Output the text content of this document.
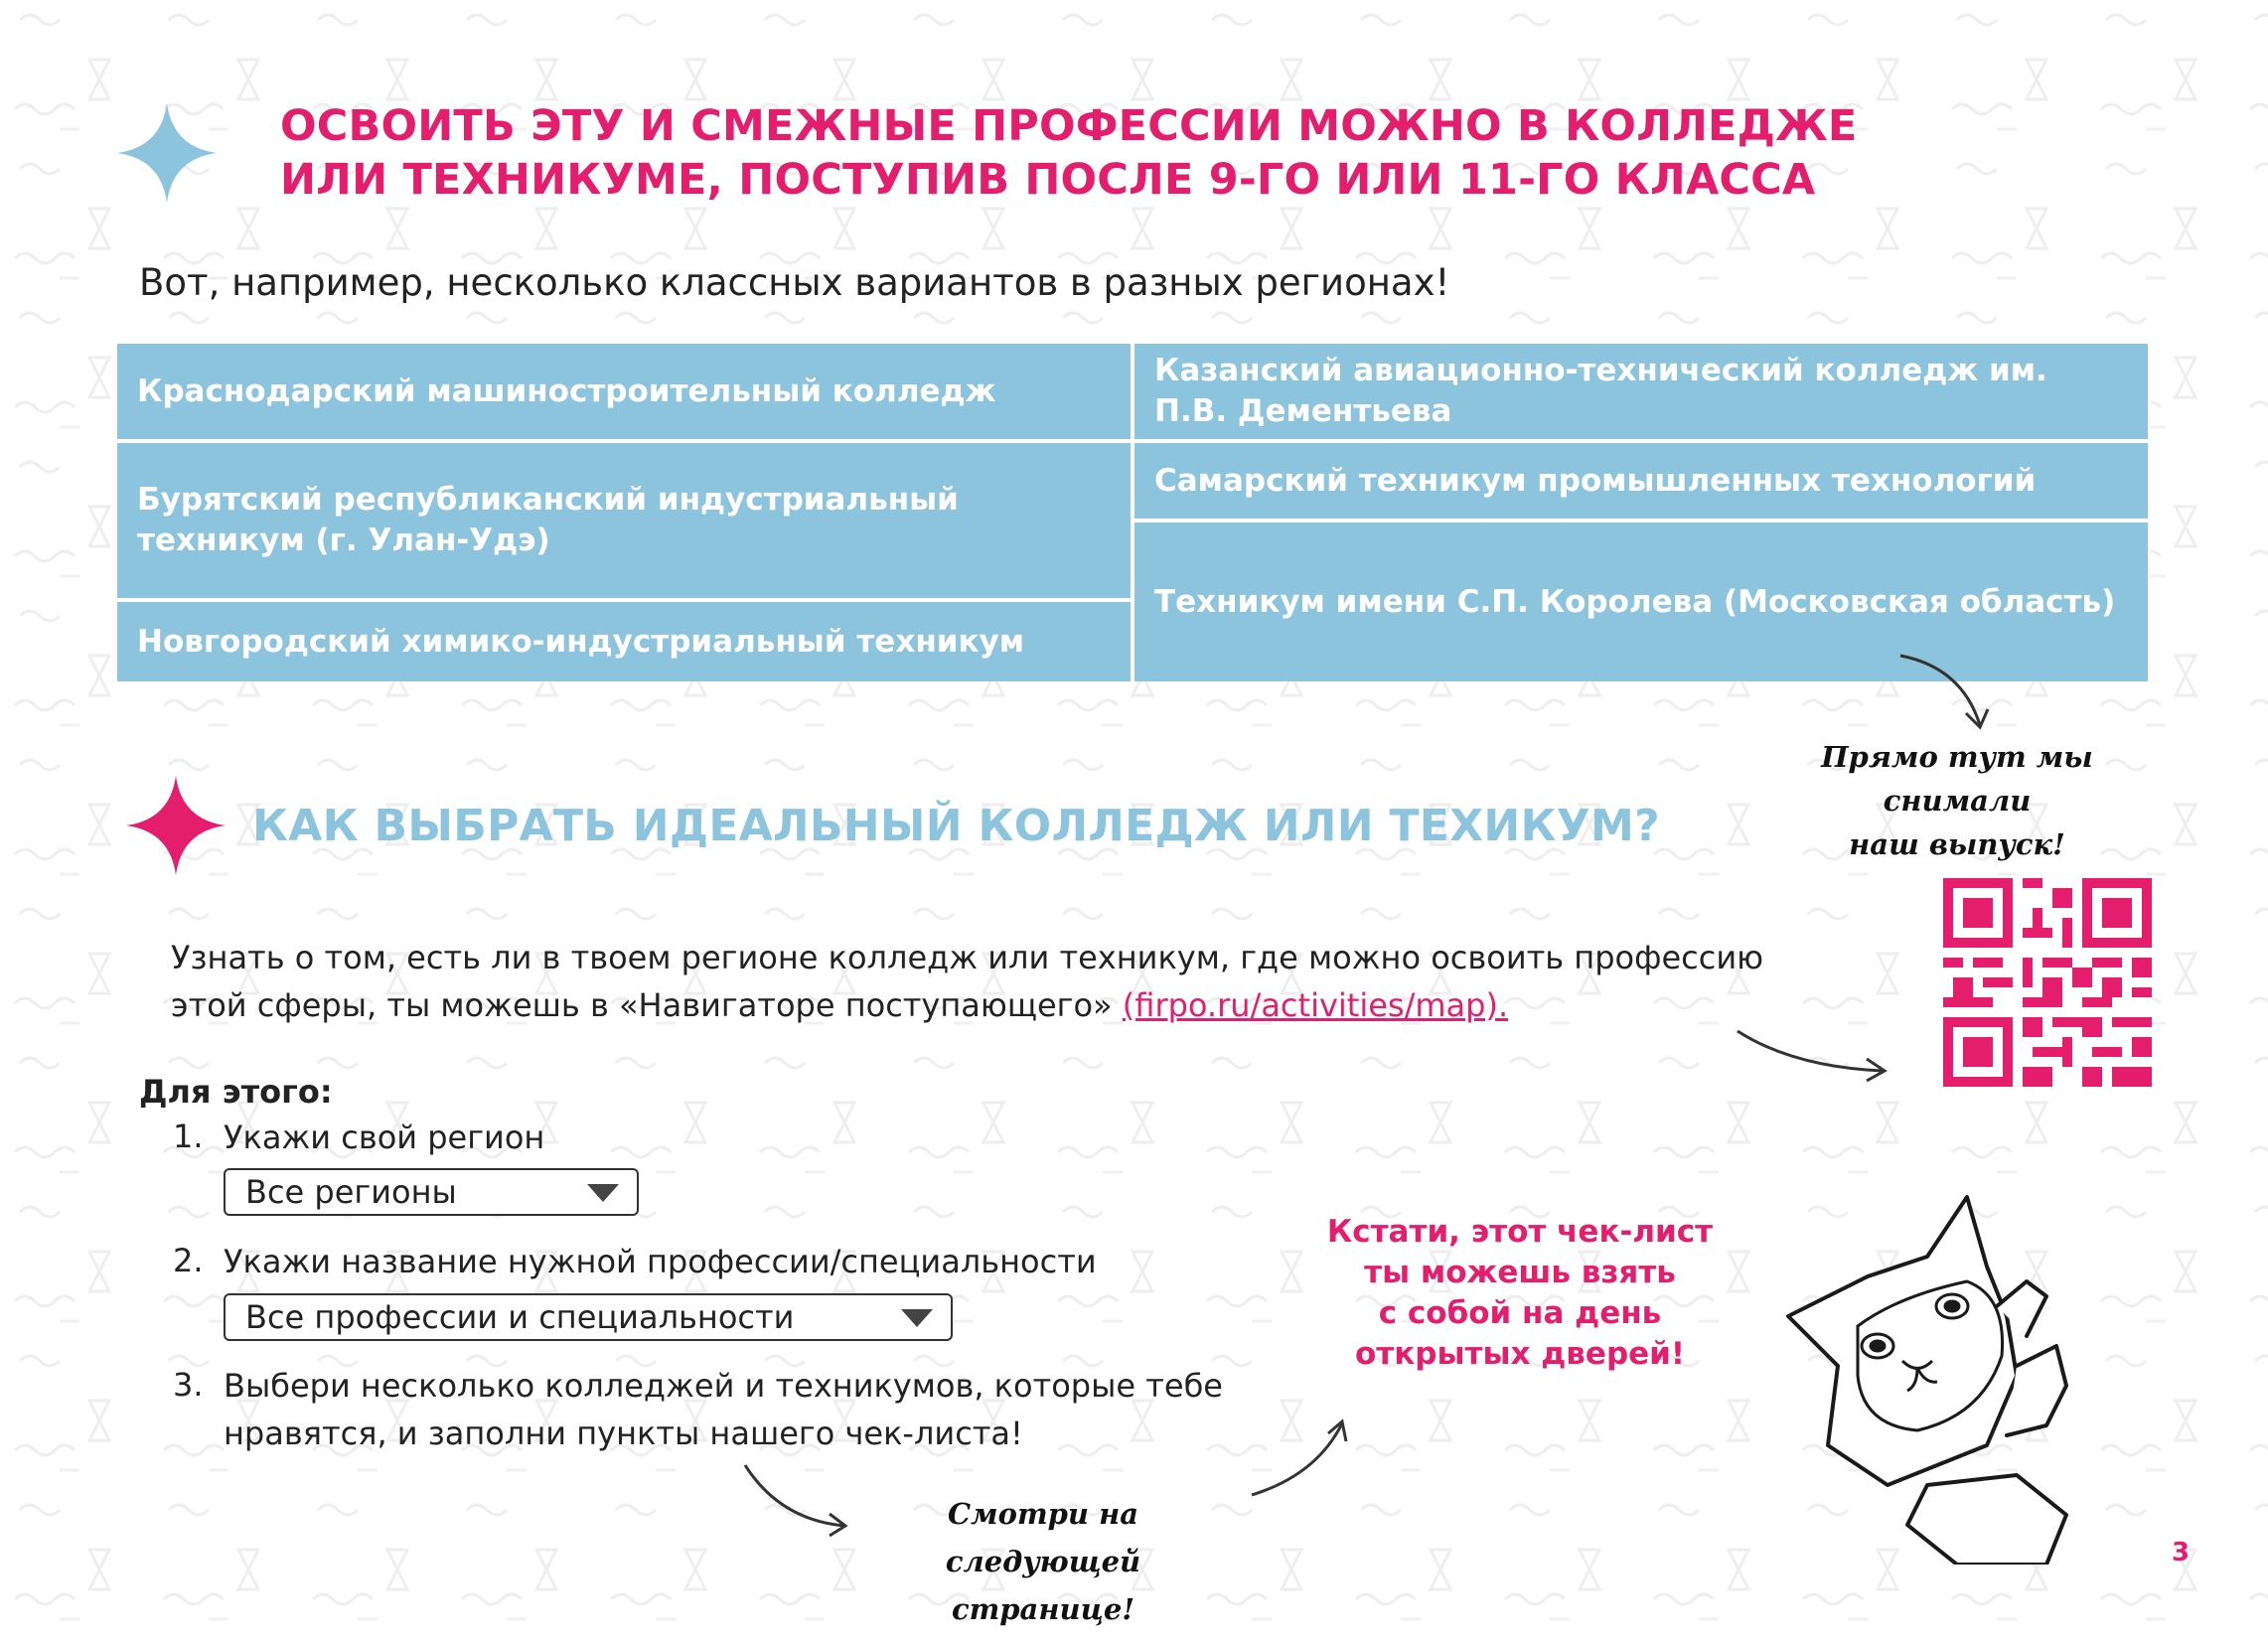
ОСВОИТЬ ЭТУ И СМЕЖНЫЕ ПРОФЕССИИ МОЖНО В КОЛЛЕДЖЕ
ИЛИ ТЕХНИКУМЕ, ПОСТУПИВ ПОСЛЕ 9-ГО ИЛИ 11-ГО КЛАССА
Вот, например, несколько классных вариантов в разных регионах!
Краснодарский машиностроительный колледж
Бурятский республиканский индустриальный техникум (г. Улан-Удэ)
Новгородский химико-индустриальный техникум
Казанский авиационно-технический колледж им. П.В. Дементьева
Самарский техникум промышленных технологий
Техникум имени С.П. Королева (Московская область)
Прямо тут мы снимали
наш выпуск!
КАК ВЫБРАТЬ ИДЕАЛЬНЫЙ КОЛЛЕДЖ ИЛИ ТЕХИКУМ?
Узнать о том, есть ли в твоем регионе колледж или техникум, где можно освоить профессию
этой сферы, ты можешь в «Навигаторе поступающего» (firpo.ru/activities/map).
Для этого:
1. Укажи свой регион
Все регионы
2. Укажи название нужной профессии/специальности
Все профессии и специальности
3. Выбери несколько колледжей и техникумов, которые тебе
нравятся, и заполни пункты нашего чек-листа!
Смотри на следующей
странице!
Кстати, этот чек-лист
ты можешь взять
с собой на день
открытых дверей!
3
